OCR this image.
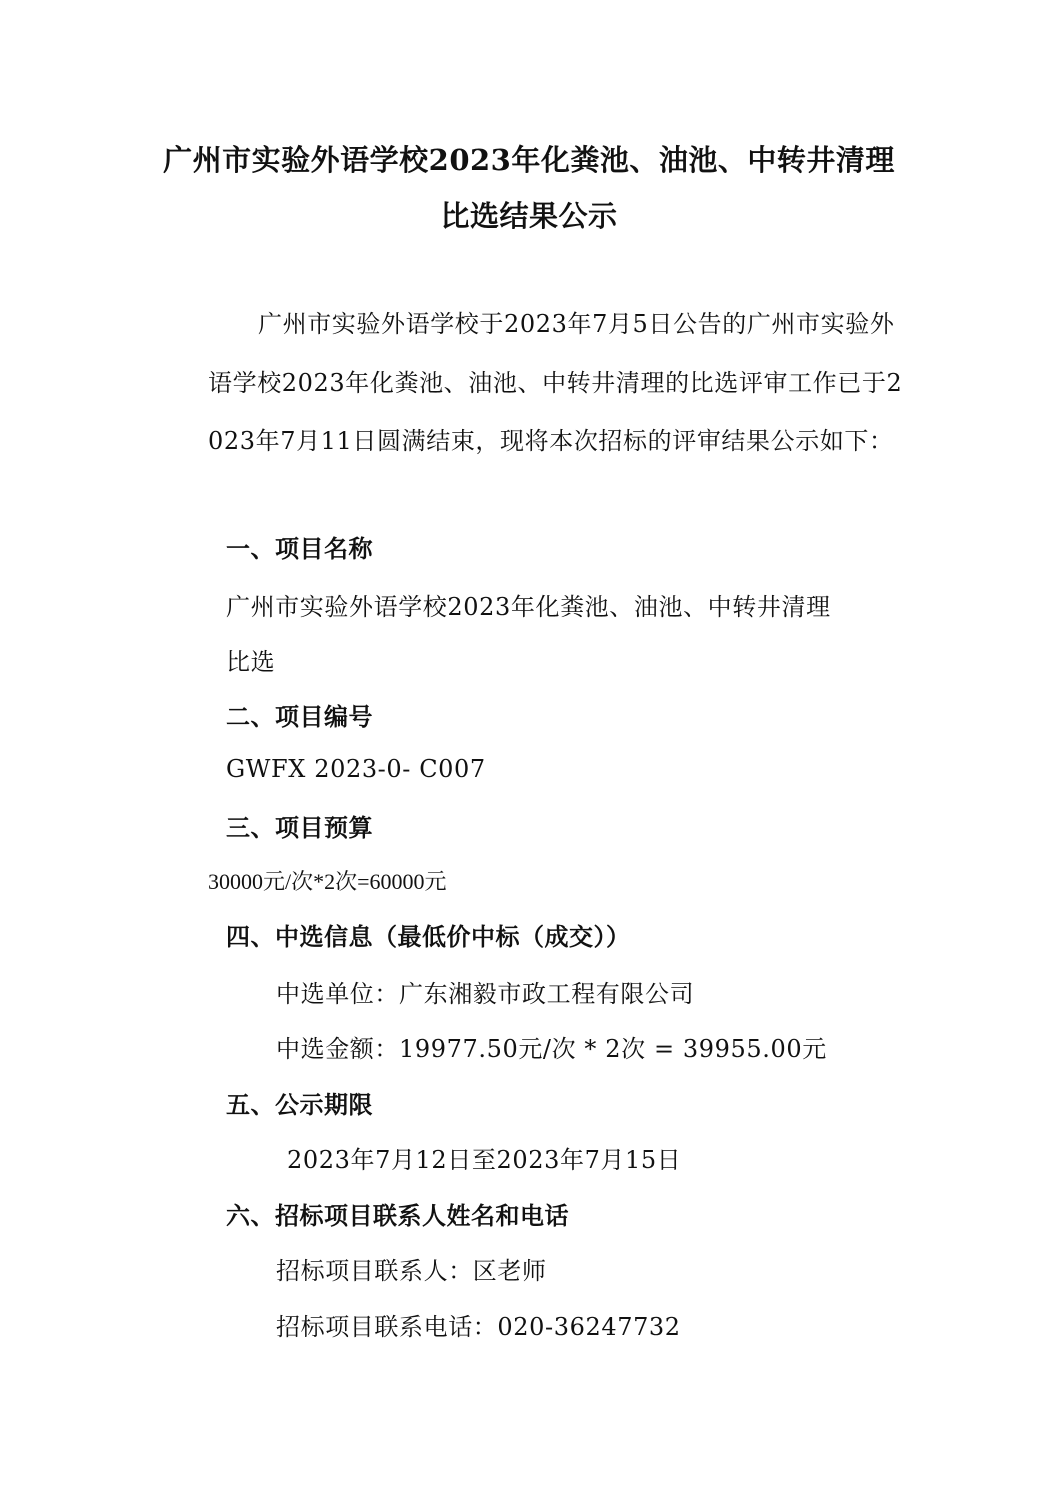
广州市实验外语学校2023年化粪池、油池、中转井清理
比选结果公示
广州市实验外语学校于2023年7月5日公告的广州市实验外语学校2023年化粪池、油池、中转井清理的比选评审工作已于2023年7月11日圆满结束，现将本次招标的评审结果公示如下：
一、项目名称
广州市实验外语学校2023年化粪池、油池、中转井清理
比选
二、项目编号
GWFX 2023-0- C007
三、项目预算
30000元/次*2次=60000元
四、中选信息（最低价中标（成交））
中选单位：广东湘毅市政工程有限公司
中选金额：19977.50元/次 * 2次 = 39955.00元
五、公示期限
2023年7月12日至2023年7月15日
六、招标项目联系人姓名和电话
招标项目联系人：区老师
招标项目联系电话：020-36247732
